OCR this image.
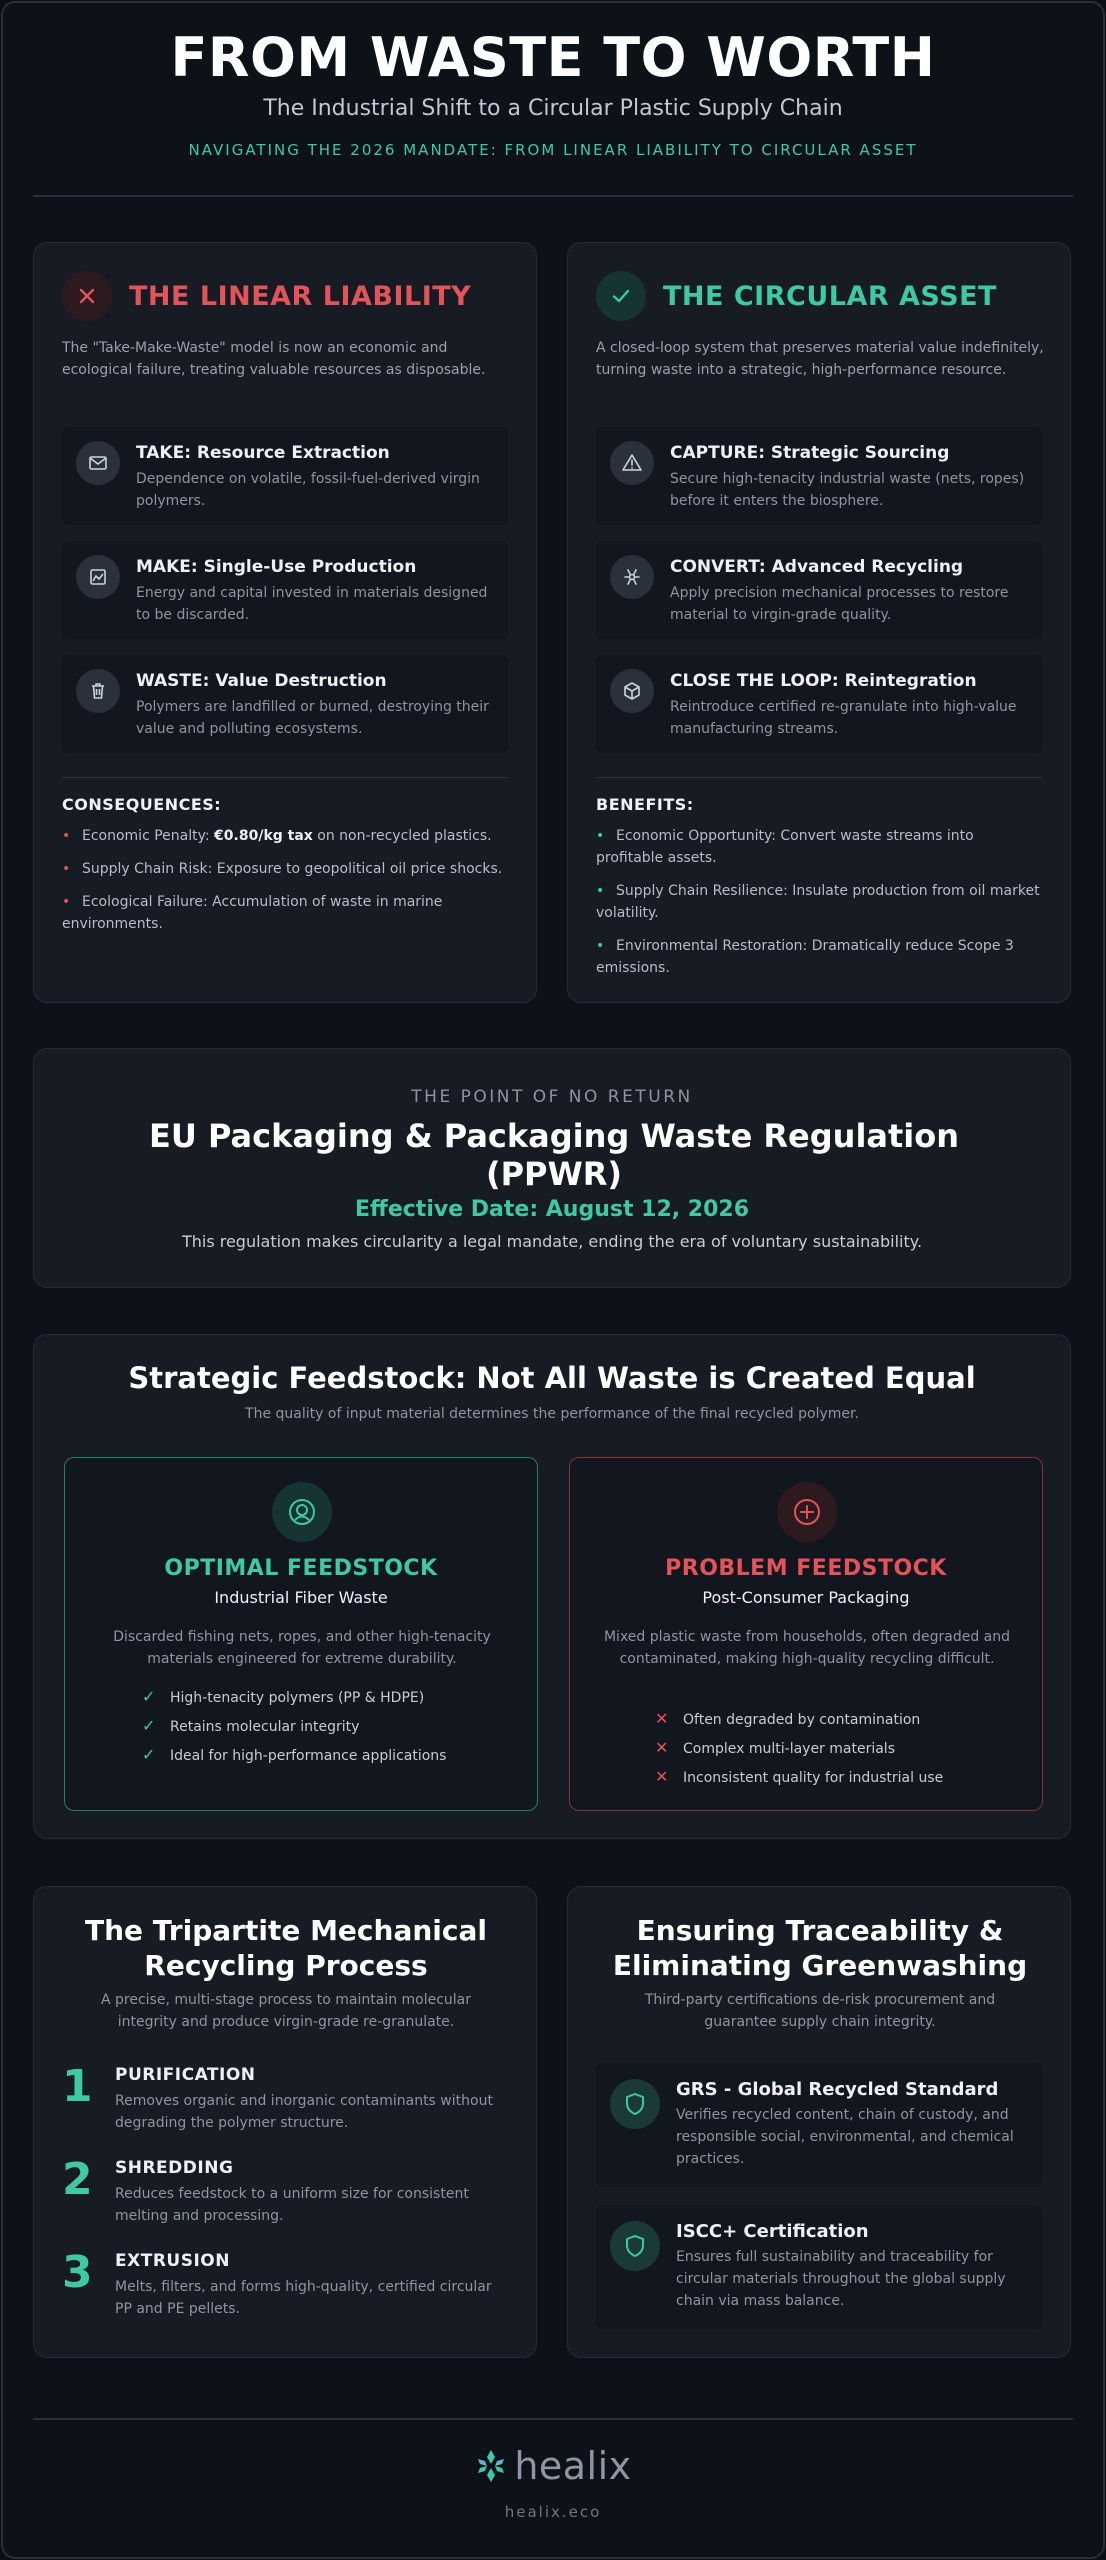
FROM WASTE TO WORTH
The Industrial Shift to a Circular Plastic Supply Chain
NAVIGATING THE 2026 MANDATE: FROM LINEAR LIABILITY TO CIRCULAR ASSET
THE LINEAR LIABILITY
The "Take-Make-Waste" model is now an economic and ecological failure, treating valuable resources as disposable.
TAKE: Resource Extraction
Dependence on volatile, fossil-fuel-derived virgin polymers.
MAKE: Single-Use Production
Energy and capital invested in materials designed to be discarded.
WASTE: Value Destruction
Polymers are landfilled or burned, destroying their value and polluting ecosystems.
CONSEQUENCES:
• Economic Penalty: €0.80/kg tax on non-recycled plastics.
• Supply Chain Risk: Exposure to geopolitical oil price shocks.
• Ecological Failure: Accumulation of waste in marine environments.
THE CIRCULAR ASSET
A closed-loop system that preserves material value indefinitely, turning waste into a strategic, high-performance resource.
CAPTURE: Strategic Sourcing
Secure high-tenacity industrial waste (nets, ropes) before it enters the biosphere.
CONVERT: Advanced Recycling
Apply precision mechanical processes to restore material to virgin-grade quality.
CLOSE THE LOOP: Reintegration
Reintroduce certified re-granulate into high-value manufacturing streams.
BENEFITS:
• Economic Opportunity: Convert waste streams into profitable assets.
• Supply Chain Resilience: Insulate production from oil market volatility.
• Environmental Restoration: Dramatically reduce Scope 3 emissions.
THE POINT OF NO RETURN
EU Packaging & Packaging Waste Regulation (PPWR)
Effective Date: August 12, 2026
This regulation makes circularity a legal mandate, ending the era of voluntary sustainability.
Strategic Feedstock: Not All Waste is Created Equal
The quality of input material determines the performance of the final recycled polymer.
OPTIMAL FEEDSTOCK
Industrial Fiber Waste
Discarded fishing nets, ropes, and other high-tenacity materials engineered for extreme durability.
✓ High-tenacity polymers (PP & HDPE)
✓ Retains molecular integrity
✓ Ideal for high-performance applications
PROBLEM FEEDSTOCK
Post-Consumer Packaging
Mixed plastic waste from households, often degraded and contaminated, making high-quality recycling difficult.
✕ Often degraded by contamination
✕ Complex multi-layer materials
✕ Inconsistent quality for industrial use
The Tripartite Mechanical Recycling Process
A precise, multi-stage process to maintain molecular integrity and produce virgin-grade re-granulate.
1 PURIFICATION
Removes organic and inorganic contaminants without degrading the polymer structure.
2 SHREDDING
Reduces feedstock to a uniform size for consistent melting and processing.
3 EXTRUSION
Melts, filters, and forms high-quality, certified circular PP and PE pellets.
Ensuring Traceability & Eliminating Greenwashing
Third-party certifications de-risk procurement and guarantee supply chain integrity.
GRS - Global Recycled Standard
Verifies recycled content, chain of custody, and responsible social, environmental, and chemical practices.
ISCC+ Certification
Ensures full sustainability and traceability for circular materials throughout the global supply chain via mass balance.
healix
healix.eco
